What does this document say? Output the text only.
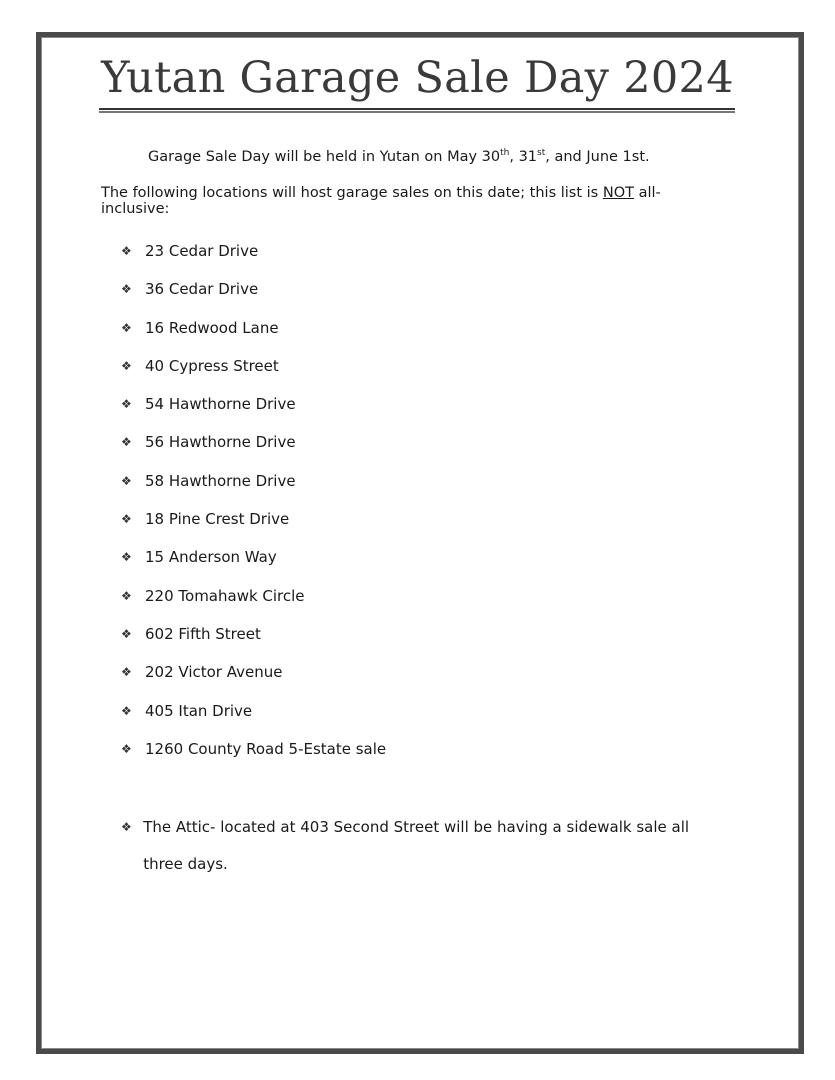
Yutan Garage Sale Day 2024
Garage Sale Day will be held in Yutan on May 30th, 31st, and June 1st.
The following locations will host garage sales on this date; this list is NOT all-inclusive:
❖ 23 Cedar Drive
❖ 36 Cedar Drive
❖ 16 Redwood Lane
❖ 40 Cypress Street
❖ 54 Hawthorne Drive
❖ 56 Hawthorne Drive
❖ 58 Hawthorne Drive
❖ 18 Pine Crest Drive
❖ 15 Anderson Way
❖ 220 Tomahawk Circle
❖ 602 Fifth Street
❖ 202 Victor Avenue
❖ 405 Itan Drive
❖ 1260 County Road 5-Estate sale
❖ The Attic- located at 403 Second Street will be having a sidewalk sale all three days.
